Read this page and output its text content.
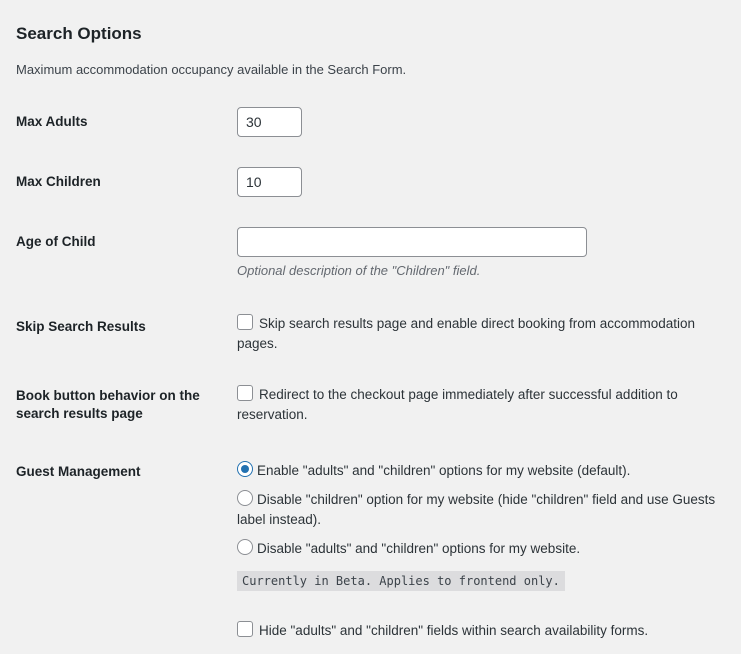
Search Options
Maximum accommodation occupancy available in the Search Form.
Max Adults
30
Max Children
10
Age of Child
Optional description of the "Children" field.
Skip Search Results	Skip search results page and enable direct booking from accommodation pages.
Book button behavior on the
search results page
Redirect to the checkout page immediately after successful addition to reservation.
Guest Management	Enable "adults" and "children" options for my website (default).
Disable "children" option for my website (hide "children" field and use Guests label instead).
Disable "adults" and "children" options for my website.
Currently in Beta. Applies to frontend only.
Hide "adults" and "children" fields within search availability forms.
